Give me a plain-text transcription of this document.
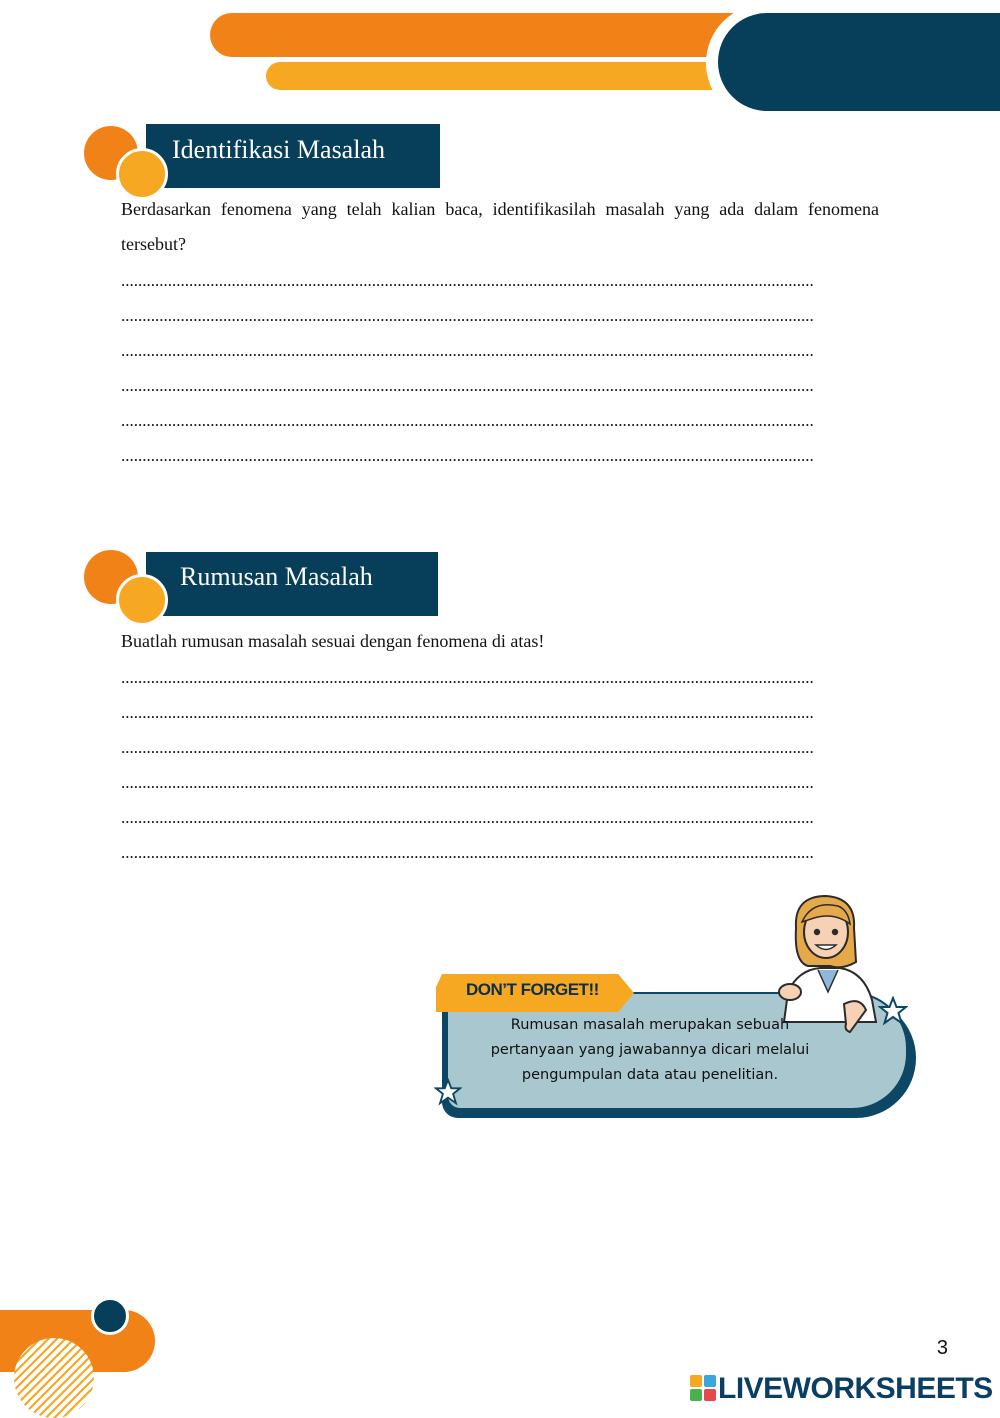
Identifikasi Masalah
Berdasarkan fenomena yang telah kalian baca, identifikasilah masalah yang ada dalam fenomena tersebut?
...................................................................................................................................................................
...................................................................................................................................................................
...................................................................................................................................................................
...................................................................................................................................................................
...................................................................................................................................................................
...................................................................................................................................................................
Rumusan Masalah
Buatlah rumusan masalah sesuai dengan fenomena di atas!
...................................................................................................................................................................
...................................................................................................................................................................
...................................................................................................................................................................
...................................................................................................................................................................
...................................................................................................................................................................
...................................................................................................................................................................
DON’T FORGET!!
Rumusan masalah merupakan sebuah
pertanyaan yang jawabannya dicari melalui
pengumpulan data atau penelitian.
3
LIVEWORKSHEETS
